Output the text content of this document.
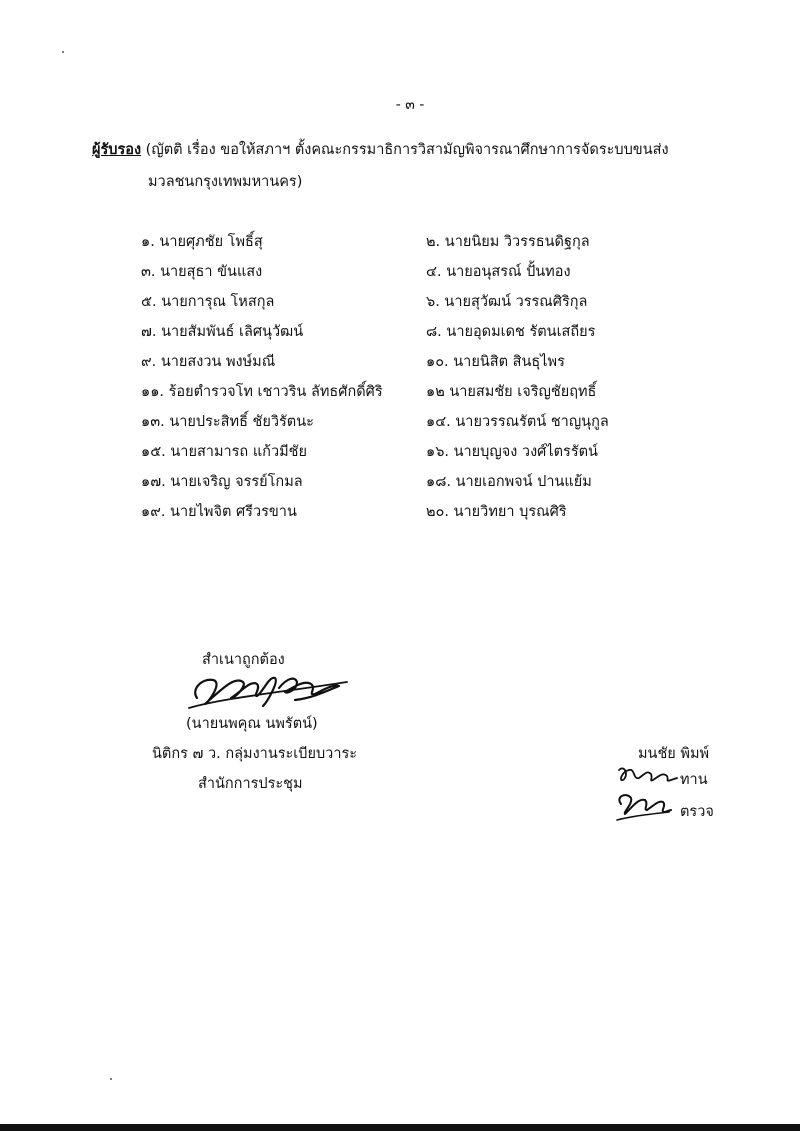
- ๓ -
ผู้รับรอง (ญัตติ เรื่อง ขอให้สภาฯ ตั้งคณะกรรมาธิการวิสามัญพิจารณาศึกษาการจัดระบบขนส่ง
มวลชนกรุงเทพมหานคร)
๑. นายศุภชัย โพธิ์สุ
๓. นายสุธา ขันแสง
๕. นายการุณ โหสกุล
๗. นายสัมพันธ์ เลิศนุวัฒน์
๙. นายสงวน พงษ์มณี
๑๑. ร้อยตำรวจโท เชาวริน ลัทธศักดิ์ศิริ
๑๓. นายประสิทธิ์ ชัยวิรัตนะ
๑๕. นายสามารถ แก้วมีชัย
๑๗. นายเจริญ จรรย์โกมล
๑๙. นายไพจิต ศรีวรขาน
๒. นายนิยม วิวรรธนดิฐกุล
๔. นายอนุสรณ์ ปั้นทอง
๖. นายสุวัฒน์ วรรณศิริกุล
๘. นายอุดมเดช รัตนเสถียร
๑๐. นายนิสิต สินธุไพร
๑๒ นายสมชัย เจริญชัยฤทธิ์
๑๔. นายวรรณรัตน์ ชาญนุกูล
๑๖. นายบุญจง วงศ์ไตรรัตน์
๑๘. นายเอกพจน์ ปานแย้ม
๒๐. นายวิทยา บุรณศิริ
สำเนาถูกต้อง
(นายนพคุณ นพรัตน์)
นิติกร ๗ ว. กลุ่มงานระเบียบวาระ
สำนักการประชุม
มนชัย พิมพ์
ทาน
ตรวจ
